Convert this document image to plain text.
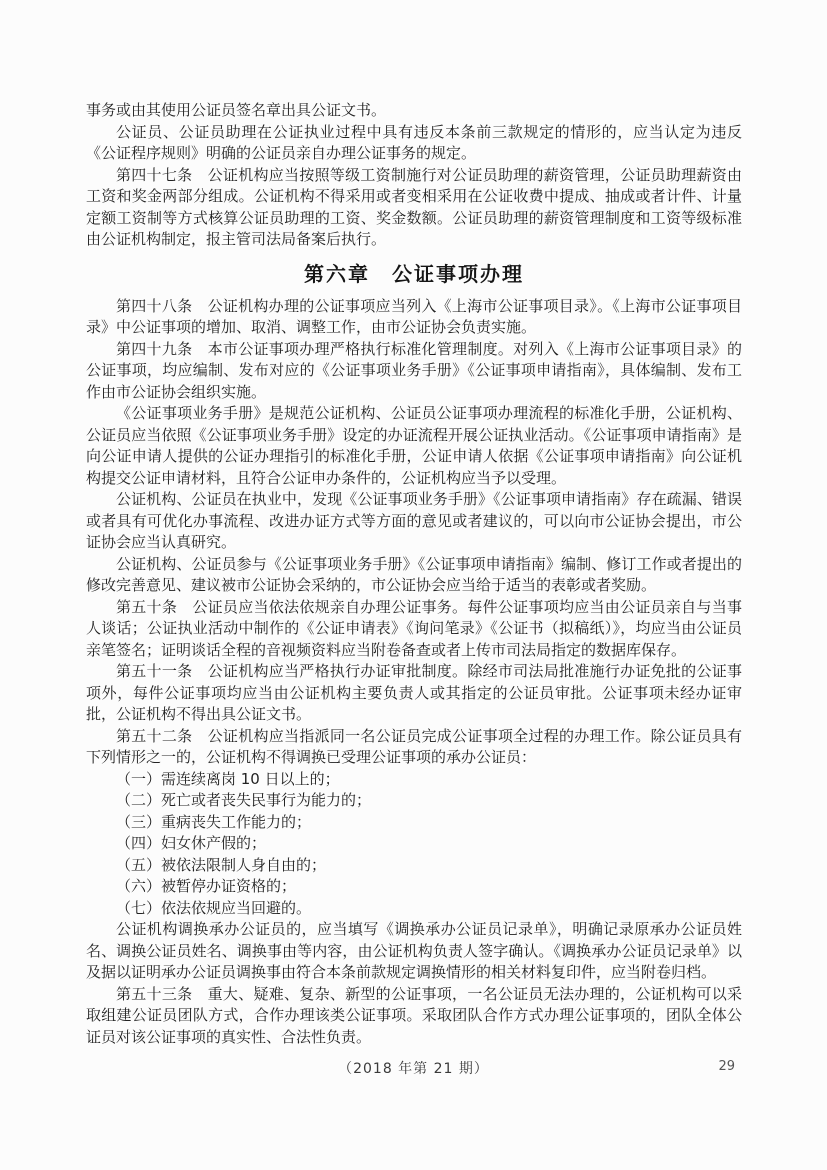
事务或由其使用公证员签名章出具公证文书。

公证员、公证员助理在公证执业过程中具有违反本条前三款规定的情形的，应当认定为违反《公证程序规则》明确的公证员亲自办理公证事务的规定。

第四十七条　公证机构应当按照等级工资制施行对公证员助理的薪资管理，公证员助理薪资由工资和奖金两部分组成。公证机构不得采用或者变相采用在公证收费中提成、抽成或者计件、计量定额工资制等方式核算公证员助理的工资、奖金数额。公证员助理的薪资管理制度和工资等级标准由公证机构制定，报主管司法局备案后执行。

第六章　公证事项办理

第四十八条　公证机构办理的公证事项应当列入《上海市公证事项目录》。《上海市公证事项目录》中公证事项的增加、取消、调整工作，由市公证协会负责实施。

第四十九条　本市公证事项办理严格执行标准化管理制度。对列入《上海市公证事项目录》的公证事项，均应编制、发布对应的《公证事项业务手册》《公证事项申请指南》，具体编制、发布工作由市公证协会组织实施。

《公证事项业务手册》是规范公证机构、公证员公证事项办理流程的标准化手册，公证机构、公证员应当依照《公证事项业务手册》设定的办证流程开展公证执业活动。《公证事项申请指南》是向公证申请人提供的公证办理指引的标准化手册，公证申请人依据《公证事项申请指南》向公证机构提交公证申请材料，且符合公证申办条件的，公证机构应当予以受理。

公证机构、公证员在执业中，发现《公证事项业务手册》《公证事项申请指南》存在疏漏、错误或者具有可优化办事流程、改进办证方式等方面的意见或者建议的，可以向市公证协会提出，市公证协会应当认真研究。

公证机构、公证员参与《公证事项业务手册》《公证事项申请指南》编制、修订工作或者提出的修改完善意见、建议被市公证协会采纳的，市公证协会应当给于适当的表彰或者奖励。

第五十条　公证员应当依法依规亲自办理公证事务。每件公证事项均应当由公证员亲自与当事人谈话；公证执业活动中制作的《公证申请表》《询问笔录》《公证书（拟稿纸）》，均应当由公证员亲笔签名；证明谈话全程的音视频资料应当附卷备查或者上传市司法局指定的数据库保存。

第五十一条　公证机构应当严格执行办证审批制度。除经市司法局批准施行办证免批的公证事项外，每件公证事项均应当由公证机构主要负责人或其指定的公证员审批。公证事项未经办证审批，公证机构不得出具公证文书。

第五十二条　公证机构应当指派同一名公证员完成公证事项全过程的办理工作。除公证员具有下列情形之一的，公证机构不得调换已受理公证事项的承办公证员：

（一）需连续离岗 10 日以上的；

（二）死亡或者丧失民事行为能力的；

（三）重病丧失工作能力的；

（四）妇女休产假的；

（五）被依法限制人身自由的；

（六）被暂停办证资格的；

（七）依法依规应当回避的。

公证机构调换承办公证员的，应当填写《调换承办公证员记录单》，明确记录原承办公证员姓名、调换公证员姓名、调换事由等内容，由公证机构负责人签字确认。《调换承办公证员记录单》以及据以证明承办公证员调换事由符合本条前款规定调换情形的相关材料复印件，应当附卷归档。

第五十三条　重大、疑难、复杂、新型的公证事项，一名公证员无法办理的，公证机构可以采取组建公证员团队方式，合作办理该类公证事项。采取团队合作方式办理公证事项的，团队全体公证员对该公证事项的真实性、合法性负责。

（2018 年第 21 期）	29
